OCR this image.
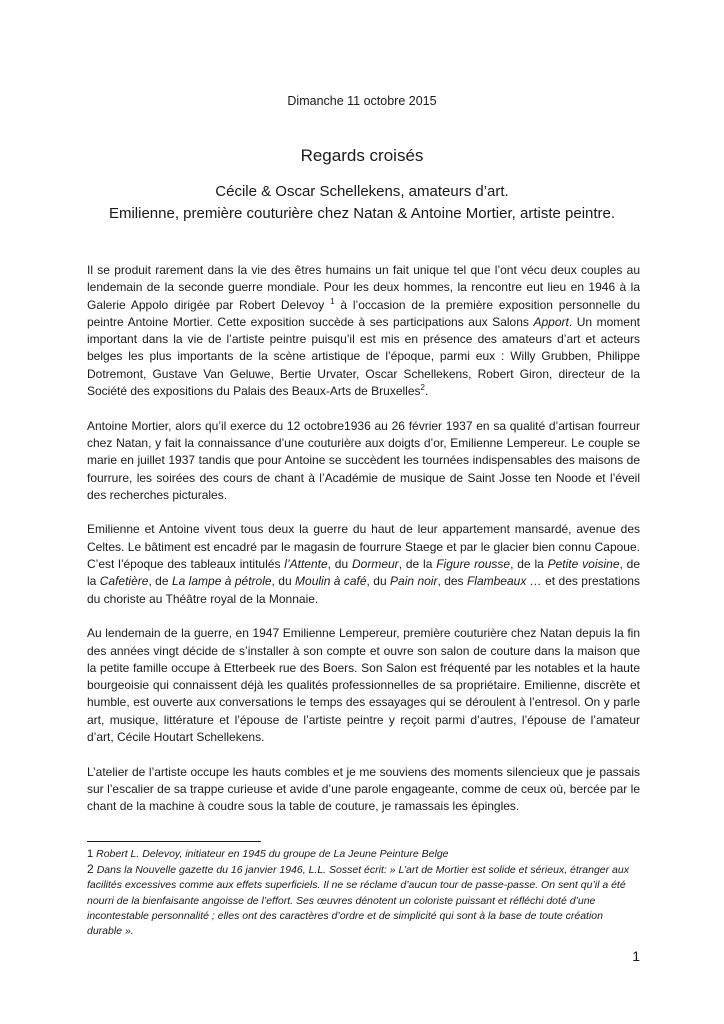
Dimanche 11 octobre 2015
Regards croisés
Cécile & Oscar Schellekens, amateurs d’art.
Emilienne, première couturière chez Natan & Antoine Mortier, artiste peintre.

Il se produit rarement dans la vie des êtres humains un fait unique tel que l’ont vécu deux couples au lendemain de la seconde guerre mondiale. Pour les deux hommes, la rencontre eut lieu en 1946 à la Galerie Appolo dirigée par Robert Delevoy $^1$ à l’occasion de la première exposition personnelle du peintre Antoine Mortier. Cette exposition succède à ses participations aux Salons Apport. Un moment important dans la vie de l’artiste peintre puisqu’il est mis en présence des amateurs d’art et acteurs belges les plus importants de la scène artistique de l’époque, parmi eux : Willy Grubben, Philippe Dotremont, Gustave Van Geluwe, Bertie Urvater, Oscar Schellekens, Robert Giron, directeur de la Société des expositions du Palais des Beaux-Arts de Bruxelles$^2$.

Antoine Mortier, alors qu’il exerce du 12 octobre1936 au 26 février 1937 en sa qualité d’artisan fourreur chez Natan, y fait la connaissance d’une couturière aux doigts d’or, Emilienne Lempereur. Le couple se marie en juillet 1937 tandis que pour Antoine se succèdent les tournées indispensables des maisons de fourrure, les soirées des cours de chant à l’Académie de musique de Saint Josse ten Noode et l’éveil des recherches picturales.

Emilienne et Antoine vivent tous deux la guerre du haut de leur appartement mansardé, avenue des Celtes. Le bâtiment est encadré par le magasin de fourrure Staege et par le glacier bien connu Capoue. C’est l’époque des tableaux intitulés l’Attente, du Dormeur, de la Figure rousse, de la Petite voisine, de la Cafetière, de La lampe à pétrole, du Moulin à café, du Pain noir, des Flambeaux … et des prestations du choriste au Théâtre royal de la Monnaie.

Au lendemain de la guerre, en 1947 Emilienne Lempereur, première couturière chez Natan depuis la fin des années vingt décide de s’installer à son compte et ouvre son salon de couture dans la maison que la petite famille occupe à Etterbeek rue des Boers. Son Salon est fréquenté par les notables et la haute bourgeoisie qui connaissent déjà les qualités professionnelles de sa propriétaire. Emilienne, discrète et humble, est ouverte aux conversations le temps des essayages qui se déroulent à l’entresol. On y parle art, musique, littérature et l’épouse de l’artiste peintre y reçoit parmi d’autres, l’épouse de l’amateur d’art, Cécile Houtart Schellekens.

L’atelier de l’artiste occupe les hauts combles et je me souviens des moments silencieux que je passais sur l’escalier de sa trappe curieuse et avide d’une parole engageante, comme de ceux où, bercée par le chant de la machine à coudre sous la table de couture, je ramassais les épingles.

1 Robert L. Delevoy, initiateur en 1945 du groupe de La Jeune Peinture Belge

2 Dans la Nouvelle gazette du 16 janvier 1946, L.L. Sosset écrit: » L’art de Mortier est solide et sérieux, étranger aux facilités excessives comme aux effets superficiels. Il ne se réclame d’aucun tour de passe-passe. On sent qu’il a été nourri de la bienfaisante angoisse de l’effort. Ses œuvres dénotent un coloriste puissant et réfléchi doté d’une incontestable personnalité ; elles ont des caractères d’ordre et de simplicité qui sont à la base de toute création durable ».

1
